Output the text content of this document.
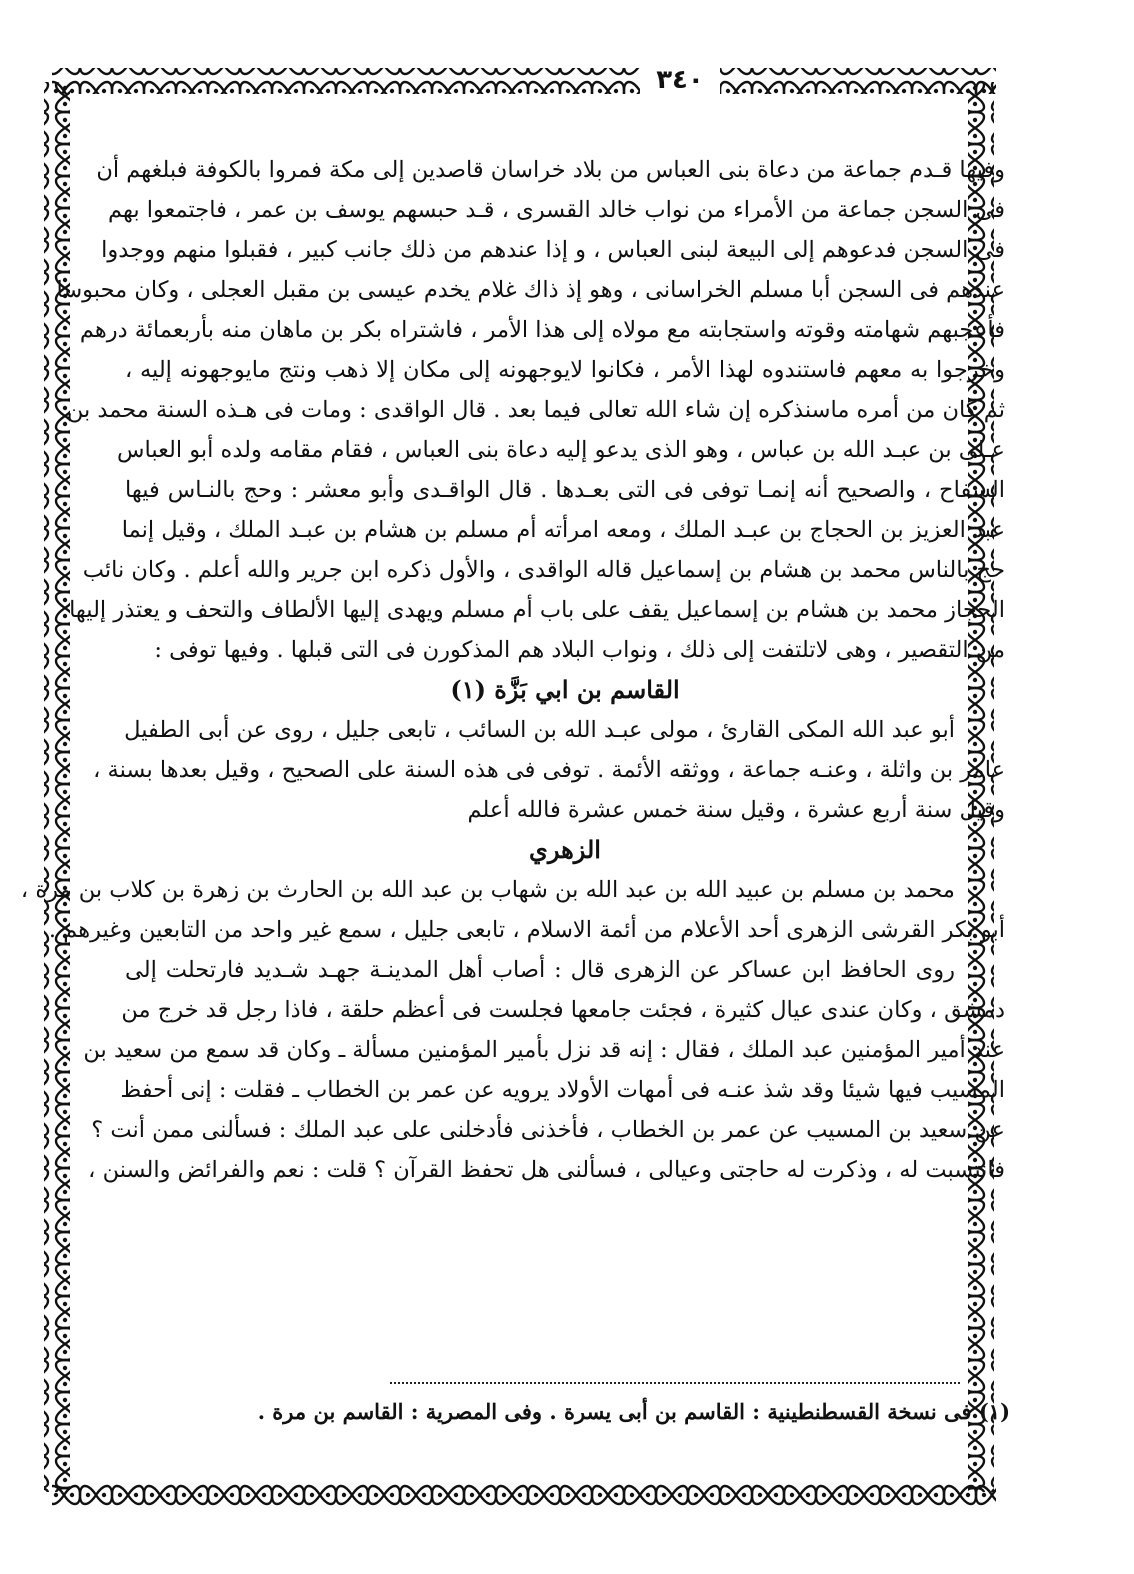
٣٤٠
وفيها قـدم جماعة من دعاة بنى العباس من بلاد خراسان قاصدين إلى مكة فمروا بالكوفة فبلغهم أن
فى السجن جماعة من الأمراء من نواب خالد القسرى ، قـد حبسهم يوسف بن عمر ، فاجتمعوا بهم
فى السجن فدعوهم إلى البيعة لبنى العباس ، و إذا عندهم من ذلك جانب كبير ، فقبلوا منهم ووجدوا
عندهم فى السجن أبا مسلم الخراسانى ، وهو إذ ذاك غلام يخدم عيسى بن مقبل العجلى ، وكان محبوسا
فأعجبهم شهامته وقوته واستجابته مع مولاه إلى هذا الأمر ، فاشتراه بكر بن ماهان منه بأربعمائة درهم
وخرجوا به معهم فاستندوه لهذا الأمر ، فكانوا لايوجهونه إلى مكان إلا ذهب ونتج مايوجهونه إليه ،
ثم كان من أمره ماسنذكره إن شاء الله تعالى فيما بعد . قال الواقدى : ومات فى هـذه السنة محمد بن
عـلى بن عبـد الله بن عباس ، وهو الذى يدعو إليه دعاة بنى العباس ، فقام مقامه ولده أبو العباس
السفاح ، والصحيح أنه إنمـا توفى فى التى بعـدها . قال الواقـدى وأبو معشر : وحج بالنـاس فيها
عبد العزيز بن الحجاج بن عبـد الملك ، ومعه امرأته أم مسلم بن هشام بن عبـد الملك ، وقيل إنما
حج بالناس محمد بن هشام بن إسماعيل قاله الواقدى ، والأول ذكره ابن جرير والله أعلم . وكان نائب
الحجاز محمد بن هشام بن إسماعيل يقف على باب أم مسلم ويهدى إليها الألطاف والتحف و يعتذر إليها
من التقصير ، وهى لاتلتفت إلى ذلك ، ونواب البلاد هم المذكورن فى التى قبلها . وفيها توفى :
القاسم بن ابي بَزَّة (١)
أبو عبد الله المكى القارئ ، مولى عبـد الله بن السائب ، تابعى جليل ، روى عن أبى الطفيل
عامر بن واثلة ، وعنـه جماعة ، ووثقه الأئمة . توفى فى هذه السنة على الصحيح ، وقيل بعدها بسنة ،
وقيل سنة أربع عشرة ، وقيل سنة خمس عشرة فالله أعلم
الزهري
محمد بن مسلم بن عبيد الله بن عبد الله بن شهاب بن عبد الله بن الحارث بن زهرة بن كلاب بن مرة ،
أبو بكر القرشى الزهرى أحد الأعلام من أئمة الاسلام ، تابعى جليل ، سمع غير واحد من التابعين وغيرهم .
روى الحافظ ابن عساكر عن الزهرى قال : أصاب أهل المدينـة جهـد شـديد فارتحلت إلى
دمشق ، وكان عندى عيال كثيرة ، فجئت جامعها فجلست فى أعظم حلقة ، فاذا رجل قد خرج من
عند أمير المؤمنين عبد الملك ، فقال : إنه قد نزل بأمير المؤمنين مسألة ـ وكان قد سمع من سعيد بن
المسيب فيها شيئا وقد شذ عنـه فى أمهات الأولاد يرويه عن عمر بن الخطاب ـ فقلت : إنى أحفظ
عن سعيد بن المسيب عن عمر بن الخطاب ، فأخذنى فأدخلنى على عبد الملك : فسألنى ممن أنت ؟
فانتسبت له ، وذكرت له حاجتى وعيالى ، فسألنى هل تحفظ القرآن ؟ قلت : نعم والفرائض والسنن ،
(١) فى نسخة القسطنطينية : القاسم بن أبى يسرة . وفى المصرية : القاسم بن مرة .
